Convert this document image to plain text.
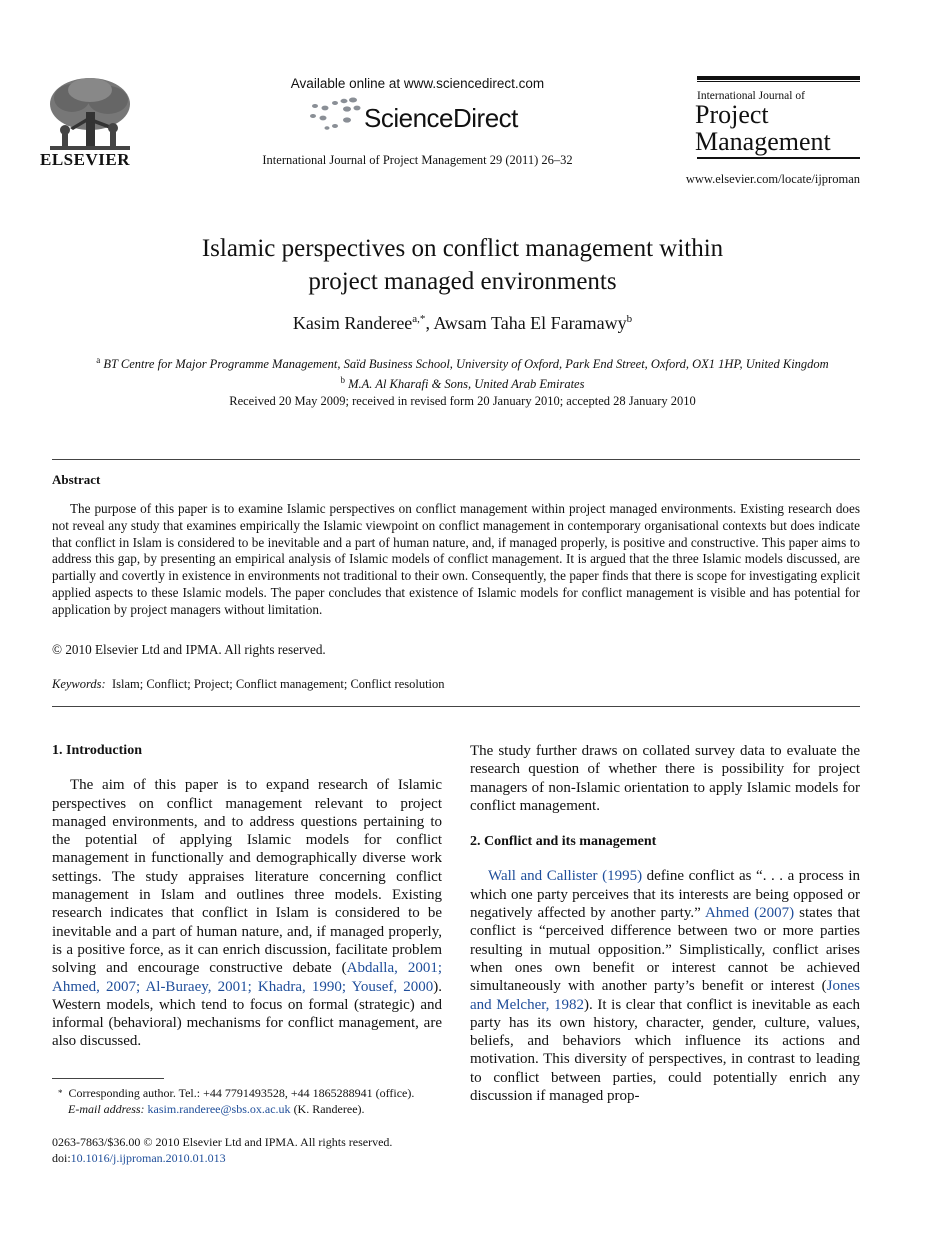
ELSEVIER
Available online at www.sciencedirect.com
ScienceDirect
International Journal of Project Management 29 (2011) 26–32
International Journal of
Project
Management
www.elsevier.com/locate/ijproman
Islamic perspectives on conflict management within
project managed environments
Kasim Randeree$^{a,*}$, Awsam Taha El Faramawy$^b$
$^a$ BT Centre for Major Programme Management, Saïd Business School, University of Oxford, Park End Street, Oxford, OX1 1HP, United Kingdom
$^b$ M.A. Al Kharafi & Sons, United Arab Emirates
Received 20 May 2009; received in revised form 20 January 2010; accepted 28 January 2010
Abstract
The purpose of this paper is to examine Islamic perspectives on conflict management within project managed environments. Existing research does not reveal any study that examines empirically the Islamic viewpoint on conflict management in contemporary organisational contexts but does indicate that conflict in Islam is considered to be inevitable and a part of human nature, and, if managed properly, is positive and constructive. This paper aims to address this gap, by presenting an empirical analysis of Islamic models of conflict management. It is argued that the three Islamic models discussed, are partially and covertly in existence in environments not traditional to their own. Consequently, the paper finds that there is scope for investigating explicit applied aspects to these Islamic models. The paper concludes that existence of Islamic models for conflict management is visible and has potential for application by project managers without limitation.
© 2010 Elsevier Ltd and IPMA. All rights reserved.
Keywords: Islam; Conflict; Project; Conflict management; Conflict resolution
1. Introduction

The aim of this paper is to expand research of Islamic perspectives on conflict management relevant to project managed environments, and to address questions pertaining to the potential of applying Islamic models for conflict management in functionally and demographically diverse work settings. The study appraises literature concerning conflict management in Islam and outlines three models. Existing research indicates that conflict in Islam is considered to be inevitable and a part of human nature, and, if managed properly, is a positive force, as it can enrich discussion, facilitate problem solving and encourage constructive debate (Abdalla, 2001; Ahmed, 2007; Al-Buraey, 2001; Khadra, 1990; Yousef, 2000). Western models, which tend to focus on formal (strategic) and informal (behavioral) mechanisms for conflict management, are also discussed.

* Corresponding author. Tel.: +44 7791493528, +44 1865288941 (office).
E-mail address: kasim.randeree@sbs.ox.ac.uk (K. Randeree).
0263-7863/$36.00 © 2010 Elsevier Ltd and IPMA. All rights reserved.
doi:10.1016/j.ijproman.2010.01.013

The study further draws on collated survey data to evaluate the research question of whether there is possibility for project managers of non-Islamic orientation to apply Islamic models for conflict management.

2. Conflict and its management

Wall and Callister (1995) define conflict as “. . . a process in which one party perceives that its interests are being opposed or negatively affected by another party.” Ahmed (2007) states that conflict is “perceived difference between two or more parties resulting in mutual opposition.” Simplistically, conflict arises when ones own benefit or interest cannot be achieved simultaneously with another party’s benefit or interest (Jones and Melcher, 1982). It is clear that conflict is inevitable as each party has its own history, character, gender, culture, values, beliefs, and behaviors which influence its actions and motivation. This diversity of perspectives, in contrast to leading to conflict between parties, could potentially enrich any discussion if managed prop-
